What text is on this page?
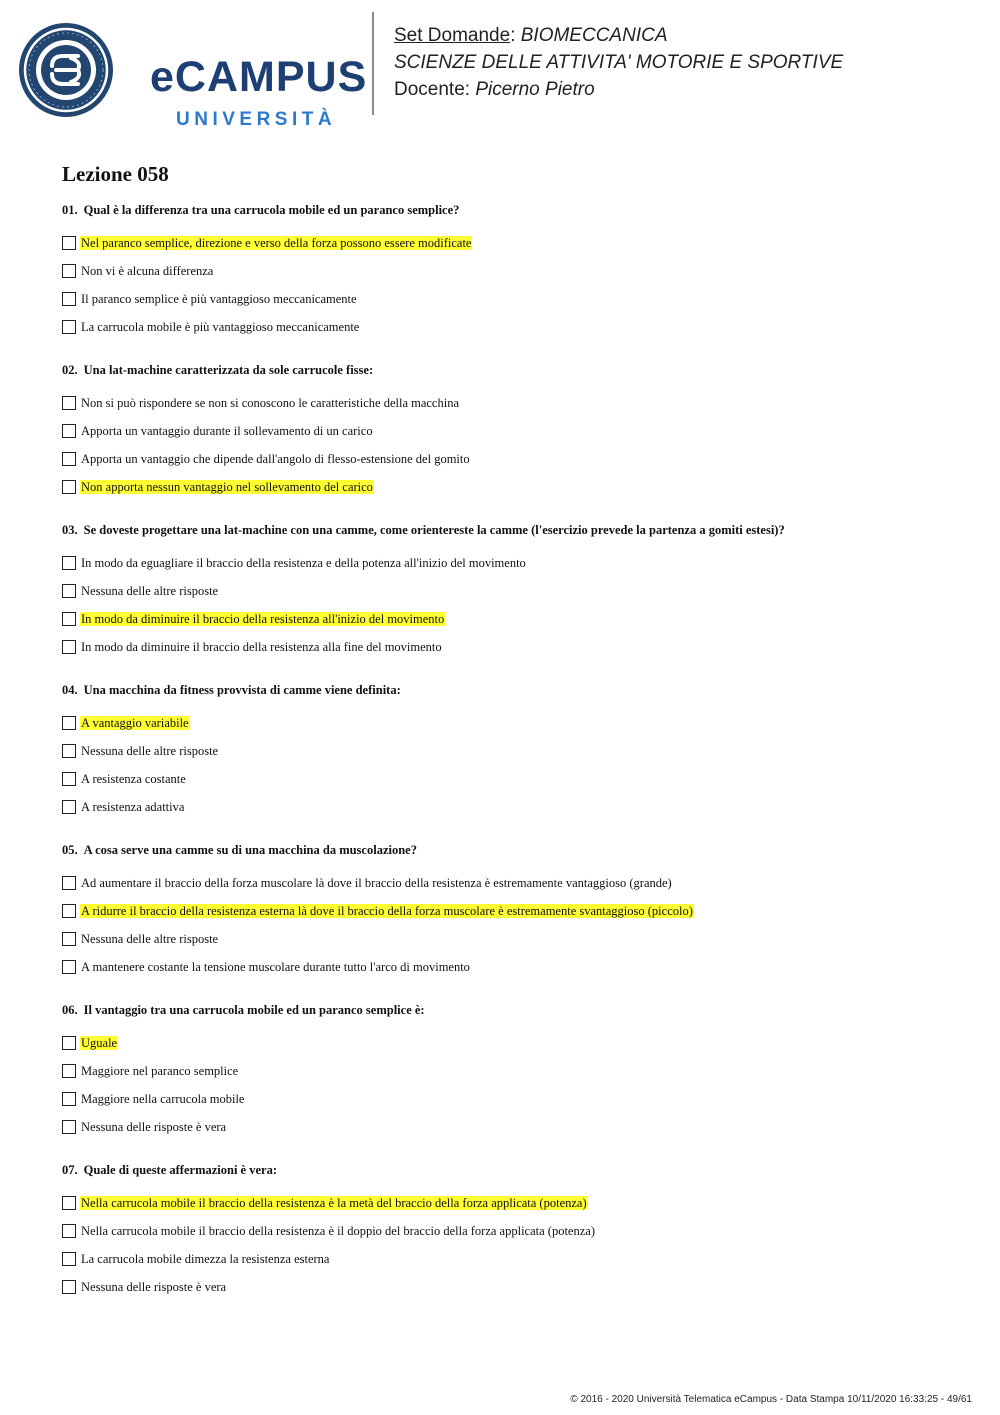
eCAMPUS
UNIVERSITÀ
Set Domande: BIOMECCANICA
SCIENZE DELLE ATTIVITA' MOTORIE E SPORTIVE
Docente: Picerno Pietro
Lezione 058
01. Qual è la differenza tra una carrucola mobile ed un paranco semplice?
Nel paranco semplice, direzione e verso della forza possono essere modificate
Non vi è alcuna differenza
Il paranco semplice è più vantaggioso meccanicamente
La carrucola mobile è più vantaggioso meccanicamente
02. Una lat-machine caratterizzata da sole carrucole fisse:
Non si può rispondere se non si conoscono le caratteristiche della macchina
Apporta un vantaggio durante il sollevamento di un carico
Apporta un vantaggio che dipende dall'angolo di flesso-estensione del gomito
Non apporta nessun vantaggio nel sollevamento del carico
03. Se doveste progettare una lat-machine con una camme, come orientereste la camme (l'esercizio prevede la partenza a gomiti estesi)?
In modo da eguagliare il braccio della resistenza e della potenza all'inizio del movimento
Nessuna delle altre risposte
In modo da diminuire il braccio della resistenza all'inizio del movimento
In modo da diminuire il braccio della resistenza alla fine del movimento
04. Una macchina da fitness provvista di camme viene definita:
A vantaggio variabile
Nessuna delle altre risposte
A resistenza costante
A resistenza adattiva
05. A cosa serve una camme su di una macchina da muscolazione?
Ad aumentare il braccio della forza muscolare là dove il braccio della resistenza è estremamente vantaggioso (grande)
A ridurre il braccio della resistenza esterna là dove il braccio della forza muscolare è estremamente svantaggioso (piccolo)
Nessuna delle altre risposte
A mantenere costante la tensione muscolare durante tutto l'arco di movimento
06. Il vantaggio tra una carrucola mobile ed un paranco semplice è:
Uguale
Maggiore nel paranco semplice
Maggiore nella carrucola mobile
Nessuna delle risposte è vera
07. Quale di queste affermazioni è vera:
Nella carrucola mobile il braccio della resistenza è la metà del braccio della forza applicata (potenza)
Nella carrucola mobile il braccio della resistenza è il doppio del braccio della forza applicata (potenza)
La carrucola mobile dimezza la resistenza esterna
Nessuna delle risposte è vera
© 2016 - 2020 Università Telematica eCampus - Data Stampa 10/11/2020 16:33:25 - 49/61
